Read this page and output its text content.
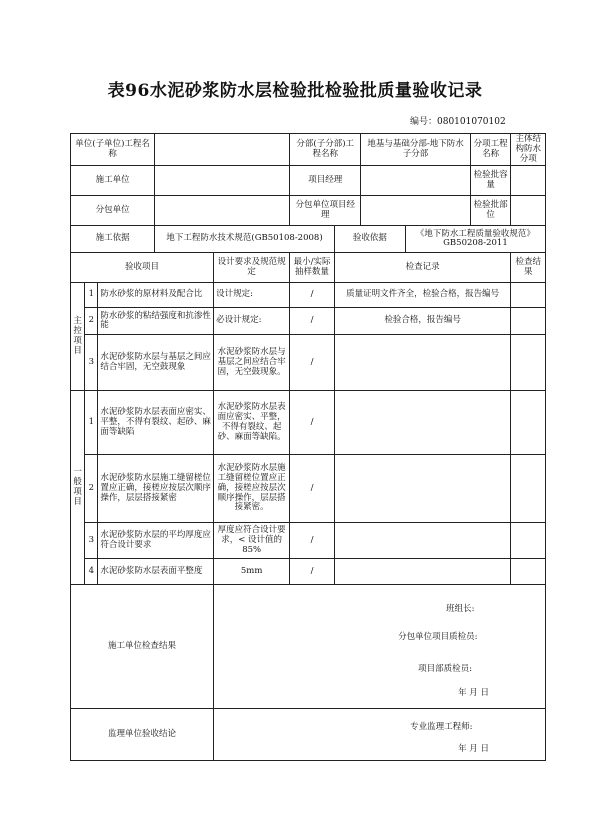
表96水泥砂浆防水层检验批检验批质量验收记录
编号：080101070102
单位(子单位)工程名称					分部(子分部)工程名称		地基与基础分部-地下防水子分部		分项工程名称	主体结构防水分项
施工单位					项目经理				检验批容量	
分包单位					分包单位项目经理				检验批部位	
施工依据			地下工程防水技术规范(GB50108-2008)			验收依据		《地下防水工程质量验收规范》GB50208-2011		
验收项目				设计要求及规范规定	最小/实际抽样数量	检查记录				检查结果

主
控
项
目	1	防水砂浆的原材料及配合比		设计规定:	/	质量证明文件齐全，检验合格，报告编号				
	2	防水砂浆的粘结强度和抗渗性能		必设计规定:	/	检验合格，报告编号				
	3	水泥砂浆防水层与基层之间应结合牢固，无空鼓现象		水泥砂浆防水层与基层之间应结合牢固，无空鼓现象。	/					

一
般
项
目	1	水泥砂浆防水层表面应密实、平整，不得有裂纹、起砂、麻面等缺陷		水泥砂浆防水层表面应密实、平整，不得有裂纹、起砂、麻面等缺陷。	/					
	2	水泥砂浆防水层施工缝留槎位置应正确，接槎应按层次顺序操作，层层搭接紧密		水泥砂浆防水层施工缝留槎位置应正确，接槎应按层次顺序操作，层层搭接紧密。	/					
	3	水泥砂浆防水层的平均厚度应符合设计要求		厚度应符合设计要求，< 设计值的85%	/					
	4	水泥砂浆防水层表面平整度		5mm	/					
施工单位检查结果				班组长:
分包单位项目质检员:
项目部质检员:
年 月 日						

监理单位验收结论				专业监理工程师:
年 月 日						
